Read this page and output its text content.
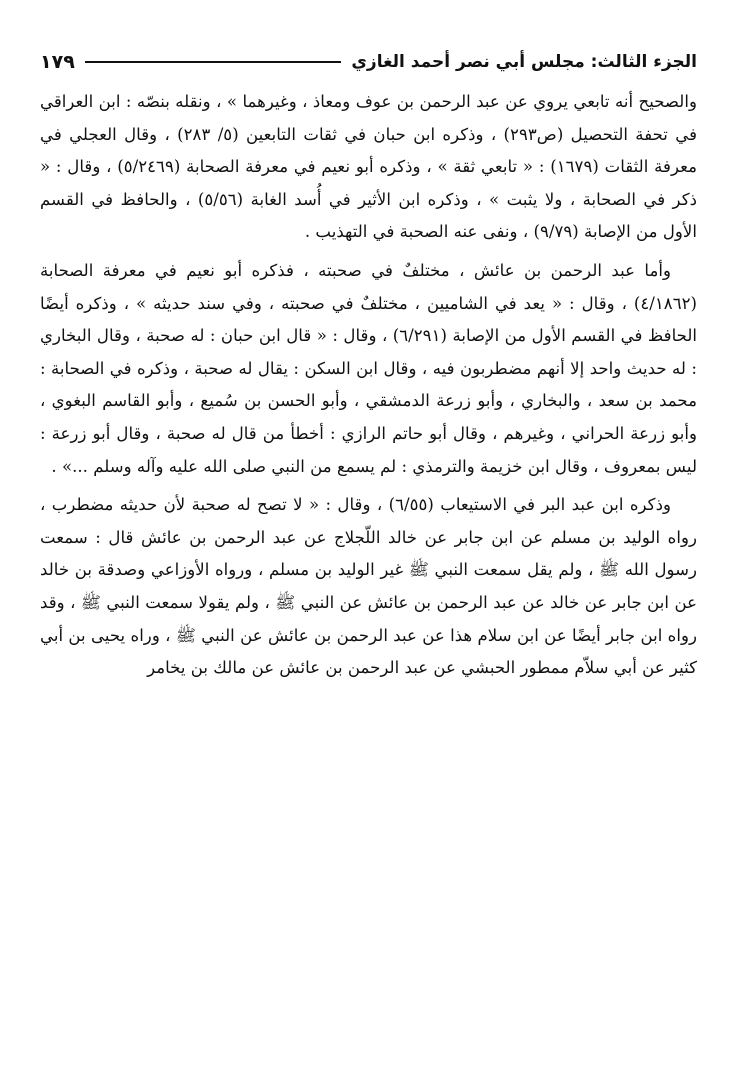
الجزء الثالث: مجلس أبي نصر أحمد الغازي
١٧٩

والصحيح أنه تابعي يروي عن عبد الرحمن بن عوف ومعاذ ، وغيرهما » ، ونقله بنصّه : ابن العراقي في تحفة التحصيل (ص٢٩٣) ، وذكره ابن حبان في ثقات التابعين (٥/ ٢٨٣) ، وقال العجلي في معرفة الثقات (١٦٧٩) : « تابعي ثقة » ، وذكره أبو نعيم في معرفة الصحابة (٥/٢٤٦٩) ، وقال : « ذكر في الصحابة ، ولا يثبت » ، وذكره ابن الأثير في أُسد الغابة (٥/٥٦) ، والحافظ في القسم الأول من الإصابة (٩/٧٩) ، ونفى عنه الصحبة في التهذيب .

وأما عبد الرحمن بن عائش ، مختلفٌ في صحبته ، فذكره أبو نعيم في معرفة الصحابة (٤/١٨٦٢) ، وقال : « يعد في الشاميين ، مختلفٌ في صحبته ، وفي سند حديثه » ، وذكره أيضًا الحافظ في القسم الأول من الإصابة (٦/٢٩١) ، وقال : « قال ابن حبان : له صحبة ، وقال البخاري : له حديث واحد إلا أنهم مضطربون فيه ، وقال ابن السكن : يقال له صحبة ، وذكره في الصحابة : محمد بن سعد ، والبخاري ، وأبو زرعة الدمشقي ، وأبو الحسن بن سُميع ، وأبو القاسم البغوي ، وأبو زرعة الحراني ، وغيرهم ، وقال أبو حاتم الرازي : أخطأ من قال له صحبة ، وقال أبو زرعة : ليس بمعروف ، وقال ابن خزيمة والترمذي : لم يسمع من النبي صلى الله عليه وآله وسلم ...» .

وذكره ابن عبد البر في الاستيعاب (٦/٥٥) ، وقال : « لا تصح له صحبة لأن حديثه مضطرب ، رواه الوليد بن مسلم عن ابن جابر عن خالد اللّجلاج عن عبد الرحمن بن عائش قال : سمعت رسول الله ﷺ ، ولم يقل سمعت النبي ﷺ غير الوليد بن مسلم ، ورواه الأوزاعي وصدقة بن خالد عن ابن جابر عن خالد عن عبد الرحمن بن عائش عن النبي ﷺ ، ولم يقولا سمعت النبي ﷺ ، وقد رواه ابن جابر أيضًا عن ابن سلام هذا عن عبد الرحمن بن عائش عن النبي ﷺ ، وراه يحيى بن أبي كثير عن أبي سلاّم ممطور الحبشي عن عبد الرحمن بن عائش عن مالك بن يخامر
